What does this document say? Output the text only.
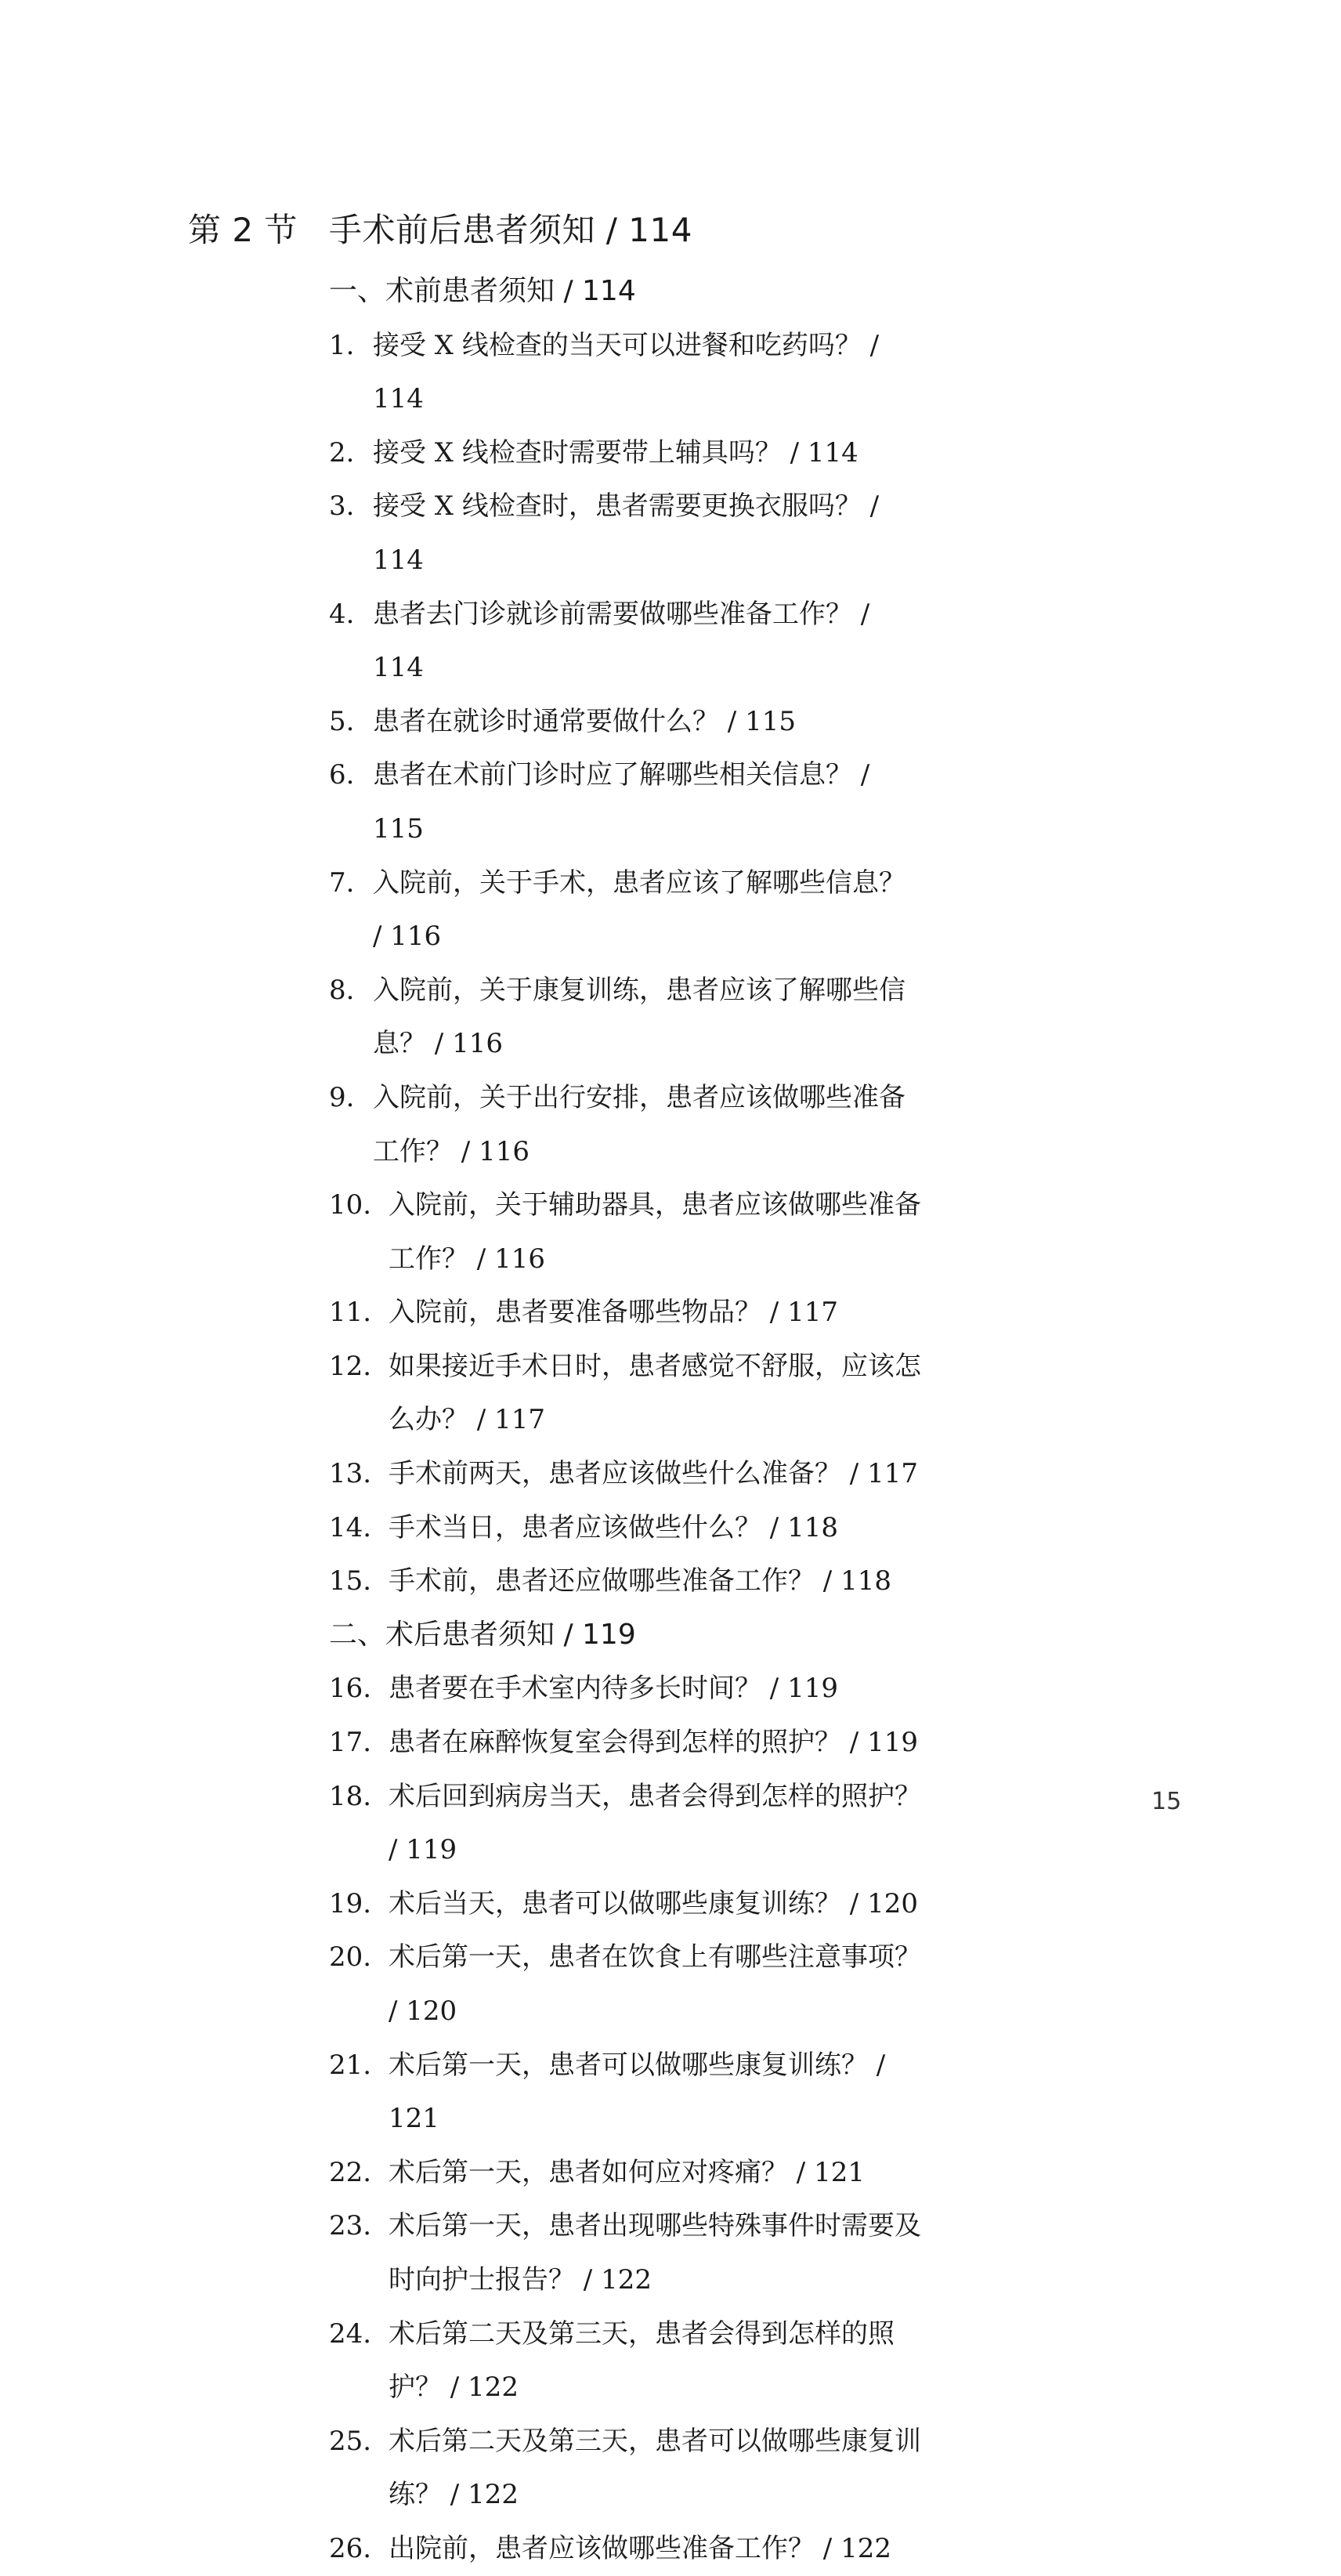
第 2 节 手术前后患者须知 / 114
一、术前患者须知 / 114
1. 接受 X 线检查的当天可以进餐和吃药吗？ / 114
2. 接受 X 线检查时需要带上辅具吗？ / 114
3. 接受 X 线检查时，患者需要更换衣服吗？ / 114
4. 患者去门诊就诊前需要做哪些准备工作？ / 114
5. 患者在就诊时通常要做什么？ / 115
6. 患者在术前门诊时应了解哪些相关信息？ / 115
7. 入院前，关于手术，患者应该了解哪些信息？ / 116
8. 入院前，关于康复训练，患者应该了解哪些信息？ / 116
9. 入院前，关于出行安排，患者应该做哪些准备工作？ / 116
10. 入院前，关于辅助器具，患者应该做哪些准备工作？ / 116
11. 入院前，患者要准备哪些物品？ / 117
12. 如果接近手术日时，患者感觉不舒服，应该怎么办？ / 117
13. 手术前两天，患者应该做些什么准备？ / 117
14. 手术当日，患者应该做些什么？ / 118
15. 手术前，患者还应做哪些准备工作？ / 118
二、术后患者须知 / 119
16. 患者要在手术室内待多长时间？ / 119
17. 患者在麻醉恢复室会得到怎样的照护？ / 119
18. 术后回到病房当天，患者会得到怎样的照护？ / 119
19. 术后当天，患者可以做哪些康复训练？ / 120
20. 术后第一天，患者在饮食上有哪些注意事项？ / 120
21. 术后第一天，患者可以做哪些康复训练？ / 121
22. 术后第一天，患者如何应对疼痛？ / 121
23. 术后第一天，患者出现哪些特殊事件时需要及时向护士报告？ / 122
24. 术后第二天及第三天，患者会得到怎样的照护？ / 122
25. 术后第二天及第三天，患者可以做哪些康复训练？ / 122
26. 出院前，患者应该做哪些准备工作？ / 122
15
